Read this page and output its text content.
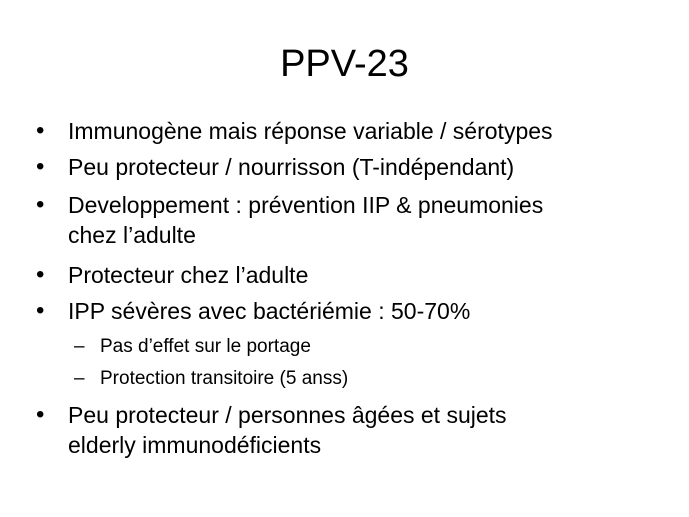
PPV-23
• Immunogène mais réponse variable / sérotypes
• Peu protecteur / nourrisson (T-indépendant)
• Developpement : prévention IIP & pneumonies
chez l’adulte
• Protecteur chez l’adulte
• IPP sévères avec bactériémie : 50-70%
– Pas d’effet sur le portage
– Protection transitoire (5 anss)
• Peu protecteur / personnes âgées et sujets
elderly immunodéficients
